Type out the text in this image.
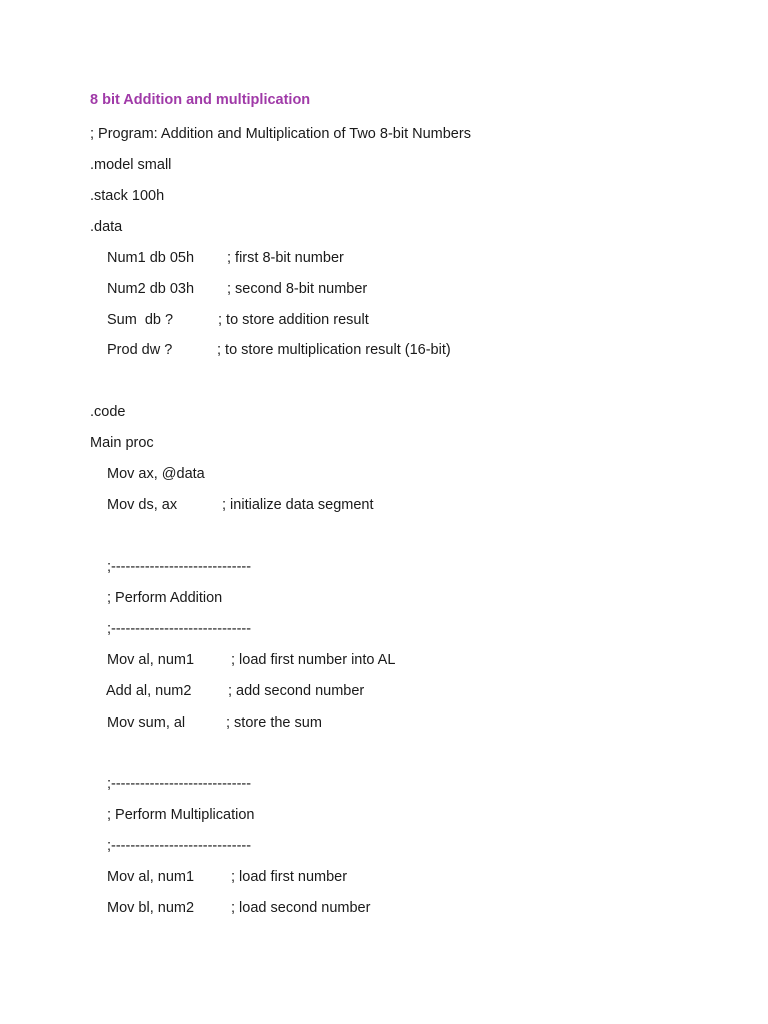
8 bit Addition and multiplication
; Program: Addition and Multiplication of Two 8-bit Numbers
.model small
.stack 100h
.data
Num1 db 05h ; first 8-bit number
Num2 db 03h ; second 8-bit number
Sum  db ?	; to store addition result
Prod dw ?	; to store multiplication result (16-bit)
.code
Main proc
Mov ax, @data
Mov ds, ax	; initialize data segment
;-----------------------------
; Perform Addition
;-----------------------------
Mov al, num1	; load first number into AL
Add al, num2	; add second number
Mov sum, al	; store the sum
;-----------------------------
; Perform Multiplication
;-----------------------------
Mov al, num1	; load first number
Mov bl, num2	; load second number
